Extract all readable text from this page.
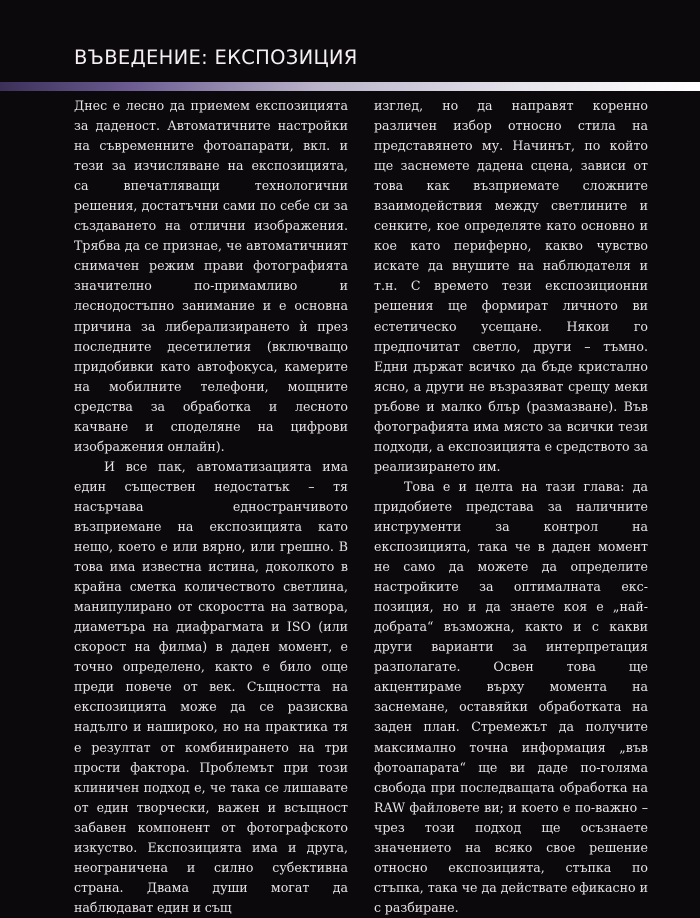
ВЪВЕДЕНИЕ: ЕКСПОЗИЦИЯ

Днес е лесно да приемем експозицията за даденост. Автоматичните настройки на съвременните фотоапарати, вкл. и тези за изчисляване на експозицията, са впечатляващи технологични решения, достатъчни сами по себе си за създаването на отлични изображения. Трябва да се признае, че автоматичният снимачен режим прави фотографията значително по-примамливо и леснодостъпно занимание и е основна причина за либерализирането ѝ през последните десетилетия (включващо придобивки като автофокуса, камерите на мобилните телефони, мощните средства за обработка и лесното качване и споделяне на цифрови изображения онлайн).

И все пак, автоматизацията има един съществен недостатък – тя насърчава едностранчивото възприемане на експозицията като нещо, което е или вярно, или грешно. В това има известна истина, доколкото в крайна сметка количеството светлина, манипулирано от скоростта на затвора, диаметъра на диафрагмата и ISO (или скорост на филма) в даден момент, е точно определено, както е било още преди повече от век. Същността на експозицията може да се разисква надълго и нашироко, но на практика тя е резултат от комбинирането на три прости фактора. Проблемът при този клиничен подход е, че така се лишавате от един творчески, важен и всъщност забавен компонент от фотографското изкуство. Експозицията има и друга, неограничена и силно субективна страна. Двама души могат да наблюдават един и същ

изглед, но да направят коренно различен избор относно стила на представянето му. Начинът, по който ще заснемете дадена сцена, зависи от това как възприемате сложните взаимодействия между светлините и сенките, кое определяте като основно и кое като периферно, какво чувство искате да внушите на наблюдателя и т.н. С времето тези експозиционни решения ще формират личното ви естетическо усещане. Някои го предпочитат светло, други – тъмно. Едни държат всичко да бъде кристално ясно, а други не възразяват срещу меки ръбове и малко блър (размазване). Във фотографията има място за всички тези подходи, а експозицията е средството за реализирането им.

Това е и целта на тази глава: да придобиете представа за наличните инструменти за контрол на експозицията, така че в даден момент не само да можете да определите настройките за оптималната експозиция, но и да знаете коя е „най-добрата“ възможна, както и с какви други варианти за интерпретация разполагате. Освен това ще акцентираме върху момента на заснемане, оставяйки обработката на заден план. Стремежът да получите максимално точна информация „във фотоапарата“ ще ви даде по-голяма свобода при последващата обработка на RAW файловете ви; и което е по-важно – чрез този подход ще осъзнаете значението на всяко свое решение относно експозицията, стъпка по стъпка, така че да действате ефикасно и с разбиране.
